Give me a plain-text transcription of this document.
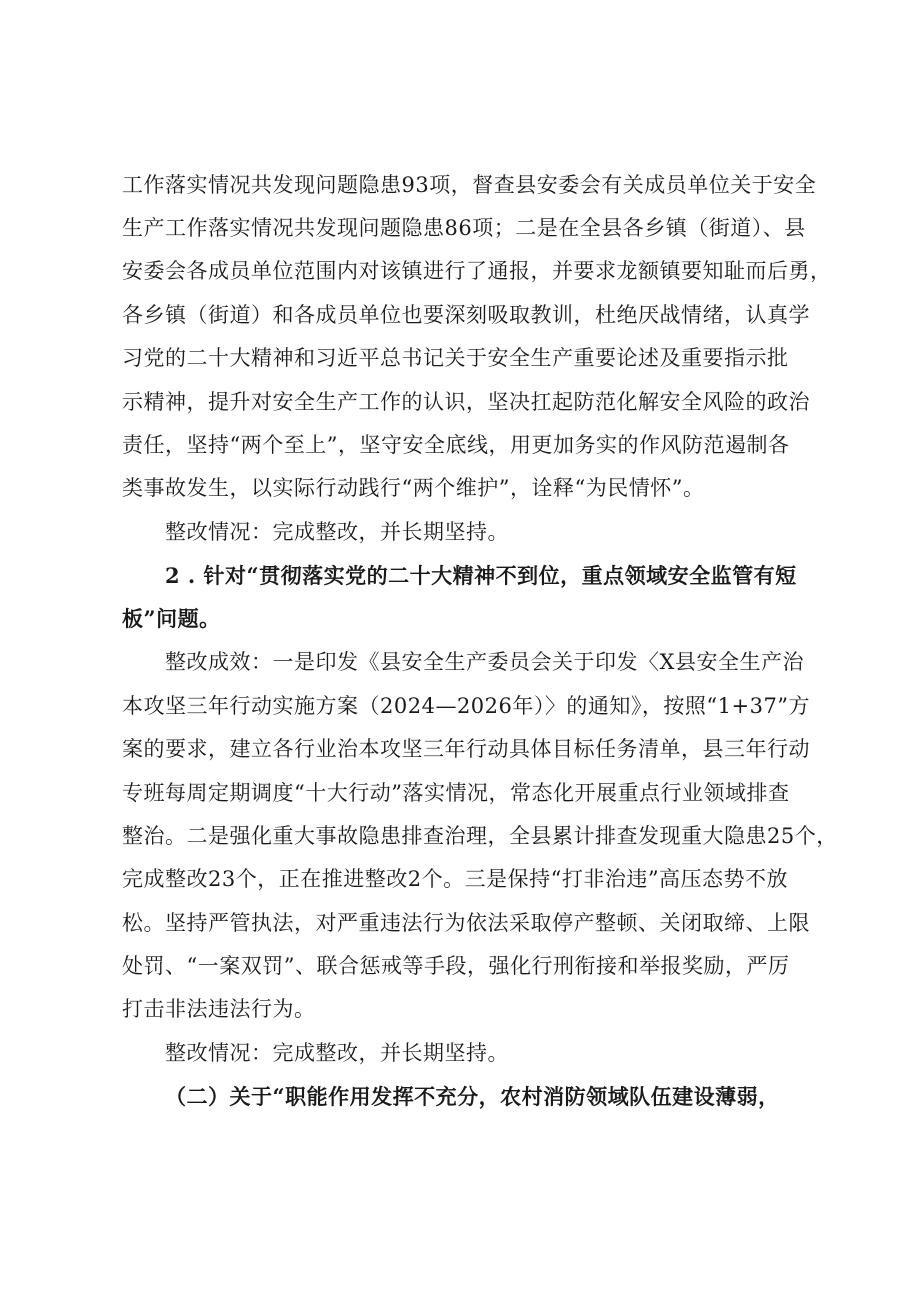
工作落实情况共发现问题隐患93项，督查县安委会有关成员单位关于安全
生产工作落实情况共发现问题隐患86项；二是在全县各乡镇（街道）、县
安委会各成员单位范围内对该镇进行了通报，并要求龙额镇要知耻而后勇，
各乡镇（街道）和各成员单位也要深刻吸取教训，杜绝厌战情绪，认真学
习党的二十大精神和习近平总书记关于安全生产重要论述及重要指示批
示精神，提升对安全生产工作的认识，坚决扛起防范化解安全风险的政治
责任，坚持“两个至上”，坚守安全底线，用更加务实的作风防范遏制各
类事故发生，以实际行动践行“两个维护”，诠释“为民情怀”。
整改情况：完成整改，并长期坚持。
2 . 针对“贯彻落实党的二十大精神不到位，重点领域安全监管有短
板”问题。
整改成效：一是印发《县安全生产委员会关于印发〈X县安全生产治
本攻坚三年行动实施方案（2024—2026年）〉的通知》，按照“1+37”方
案的要求，建立各行业治本攻坚三年行动具体目标任务清单，县三年行动
专班每周定期调度“十大行动”落实情况，常态化开展重点行业领域排查
整治。二是强化重大事故隐患排查治理，全县累计排查发现重大隐患25个，
完成整改23个，正在推进整改2个。三是保持“打非治违”高压态势不放
松。坚持严管执法，对严重违法行为依法采取停产整顿、关闭取缔、上限
处罚、“一案双罚”、联合惩戒等手段，强化行刑衔接和举报奖励，严厉
打击非法违法行为。
整改情况：完成整改，并长期坚持。
（二）关于“职能作用发挥不充分，农村消防领域队伍建设薄弱，
